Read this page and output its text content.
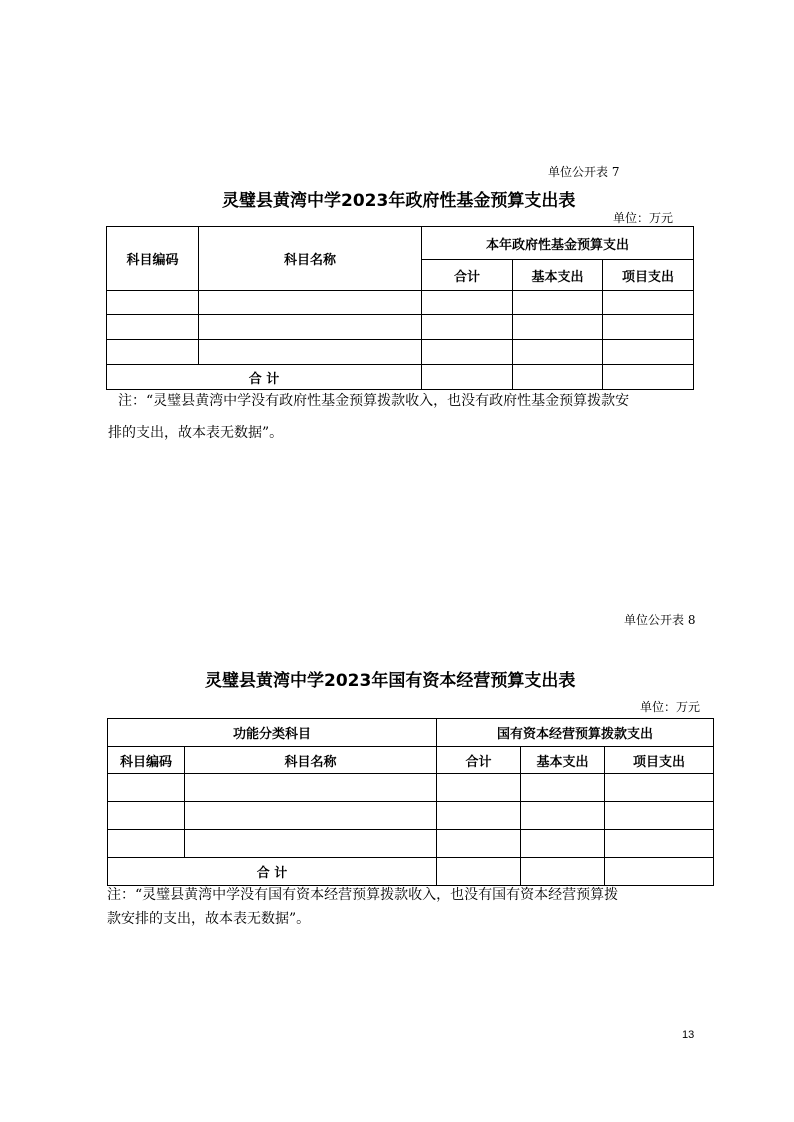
单位公开表 7
灵璧县黄湾中学2023年政府性基金预算支出表
单位：万元
科目编码	科目名称	本年政府性基金预算支出		
		合计	基本支出	项目支出

合 计				
注：“灵璧县黄湾中学没有政府性基金预算拨款收入，也没有政府性基金预算拨款安
排的支出，故本表无数据”。
单位公开表 8
灵璧县黄湾中学2023年国有资本经营预算支出表
单位：万元
功能分类科目		国有资本经营预算拨款支出		
科目编码	科目名称	合计	基本支出	项目支出

合 计				
注：“灵璧县黄湾中学没有国有资本经营预算拨款收入，也没有国有资本经营预算拨
款安排的支出，故本表无数据”。
13
